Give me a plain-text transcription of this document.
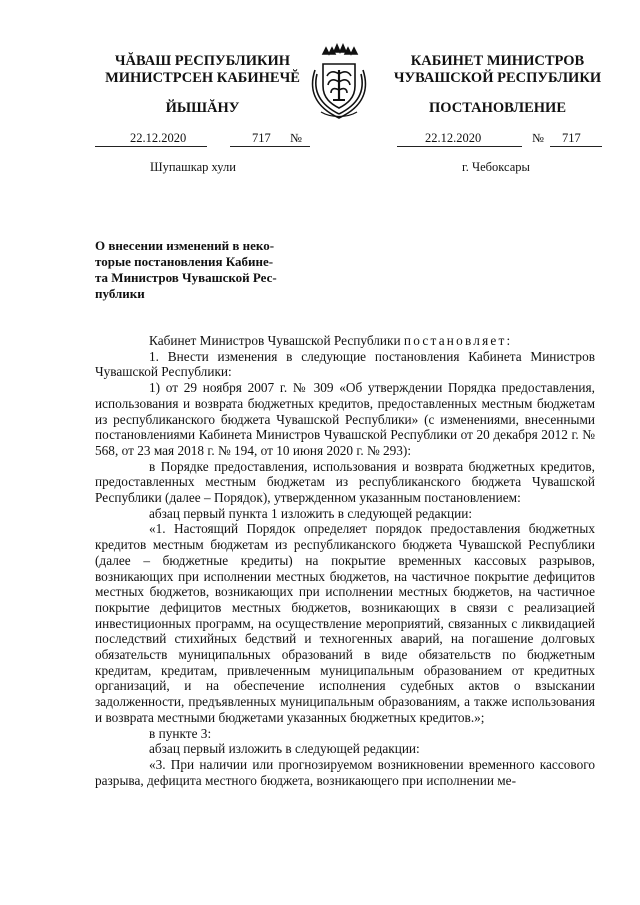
ЧĂВАШ РЕСПУБЛИКИН
МИНИСТРСЕН КАБИНЕЧĔ
ЙЫШĂНУ
22.12.2020	717 №
Шупашкар хули
КАБИНЕТ МИНИСТРОВ
ЧУВАШСКОЙ РЕСПУБЛИКИ
ПОСТАНОВЛЕНИЕ
22.12.2020	№ 717
г. Чебоксары
О внесении изменений в неко-
торые постановления Кабине-
та Министров Чувашской Рес-
публики

Кабинет Министров Чувашской Республики постановляет:

1. Внести изменения в следующие постановления Кабинета Министров Чувашской Республики:

1) от 29 ноября 2007 г. № 309 «Об утверждении Порядка предоставления, использования и возврата бюджетных кредитов, предоставленных местным бюджетам из республиканского бюджета Чувашской Республики» (с изменениями, внесенными постановлениями Кабинета Министров Чувашской Республики от 20 декабря 2012 г. № 568, от 23 мая 2018 г. № 194, от 10 июня 2020 г. № 293):

в Порядке предоставления, использования и возврата бюджетных кредитов, предоставленных местным бюджетам из республиканского бюджета Чувашской Республики (далее – Порядок), утвержденном указанным постановлением:

абзац первый пункта 1 изложить в следующей редакции:

«1. Настоящий Порядок определяет порядок предоставления бюджетных кредитов местным бюджетам из республиканского бюджета Чувашской Республики (далее – бюджетные кредиты) на покрытие временных кассовых разрывов, возникающих при исполнении местных бюджетов, на частичное покрытие дефицитов местных бюджетов, возникающих при исполнении местных бюджетов, на частичное покрытие дефицитов местных бюджетов, возникающих в связи с реализацией инвестиционных программ, на осуществление мероприятий, связанных с ликвидацией последствий стихийных бедствий и техногенных аварий, на погашение долговых обязательств муниципальных образований в виде обязательств по бюджетным кредитам, кредитам, привлеченным муниципальным образованием от кредитных организаций, и на обеспечение исполнения судебных актов о взыскании задолженности, предъявленных муниципальным образованиям, а также использования и возврата местными бюджетами указанных бюджетных кредитов.»;

в пункте 3:

абзац первый изложить в следующей редакции:

«3. При наличии или прогнозируемом возникновении временного кассового разрыва, дефицита местного бюджета, возникающего при исполнении ме-
